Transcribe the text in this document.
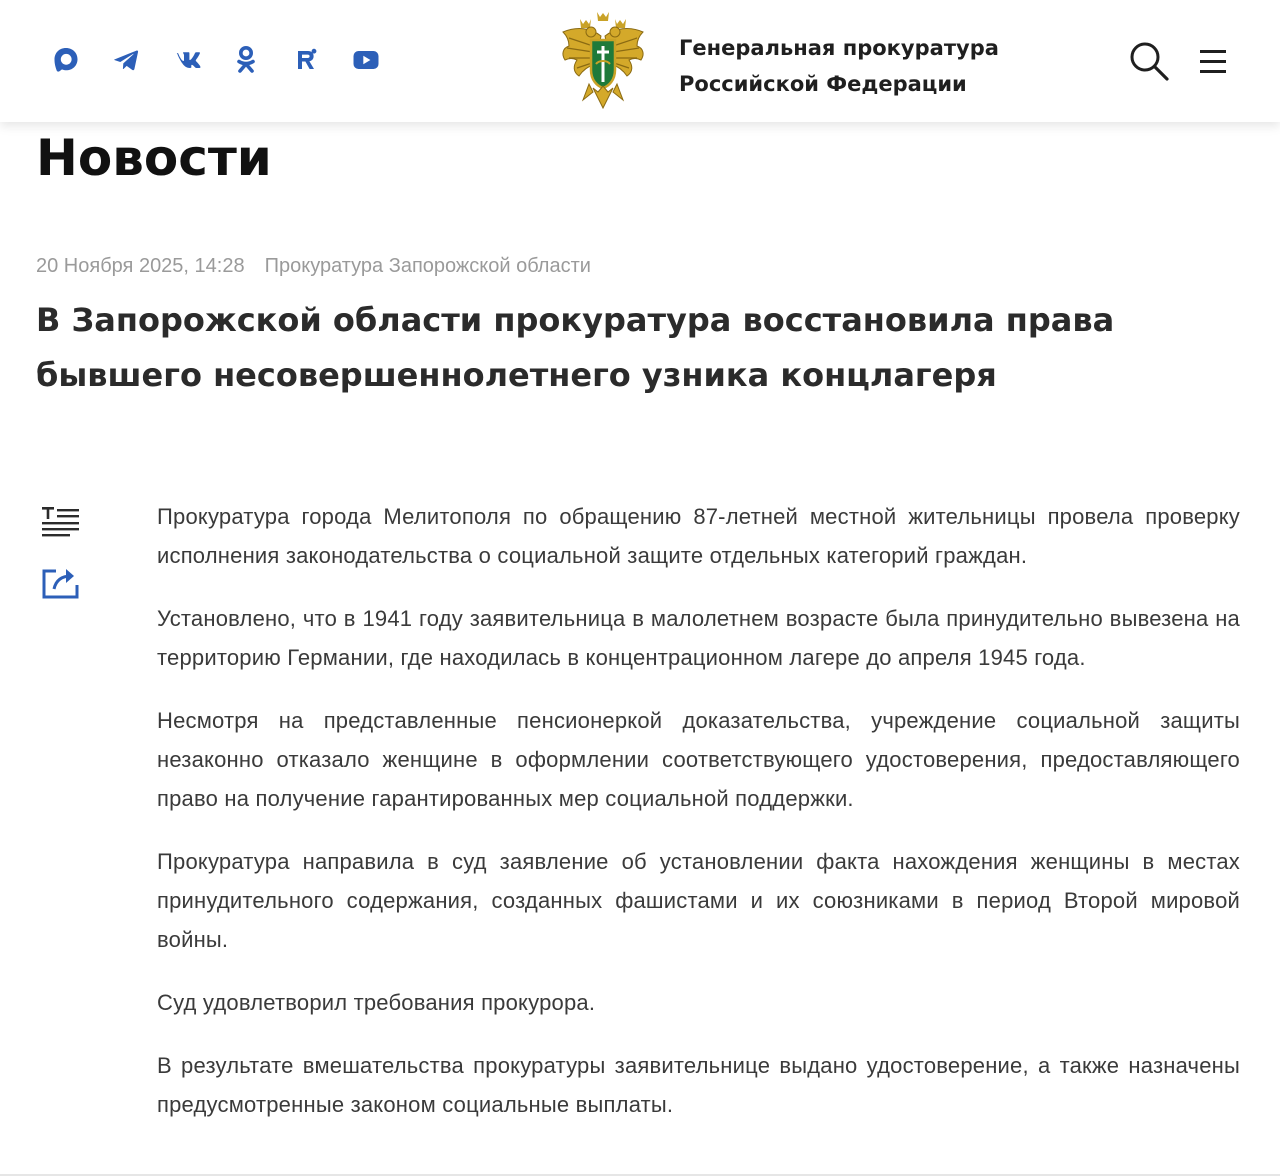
Генеральная прокуратура
Российской Федерации
Новости
20 Ноября 2025, 14:28 Прокуратура Запорожской области
В Запорожской области прокуратура восстановила права бывшего несовершеннолетнего узника концлагеря

Прокуратура города Мелитополя по обращению 87-летней местной жительницы провела проверку исполнения законодательства о социальной защите отдельных категорий граждан.

Установлено, что в 1941 году заявительница в малолетнем возрасте была принудительно вывезена на территорию Германии, где находилась в концентрационном лагере до апреля 1945 года.

Несмотря на представленные пенсионеркой доказательства, учреждение социальной защиты незаконно отказало женщине в оформлении соответствующего удостоверения, предоставляющего право на получение гарантированных мер социальной поддержки.

Прокуратура направила в суд заявление об установлении факта нахождения женщины в местах принудительного содержания, созданных фашистами и их союзниками в период Второй мировой войны.

Суд удовлетворил требования прокурора.

В результате вмешательства прокуратуры заявительнице выдано удостоверение, а также назначены предусмотренные законом социальные выплаты.
